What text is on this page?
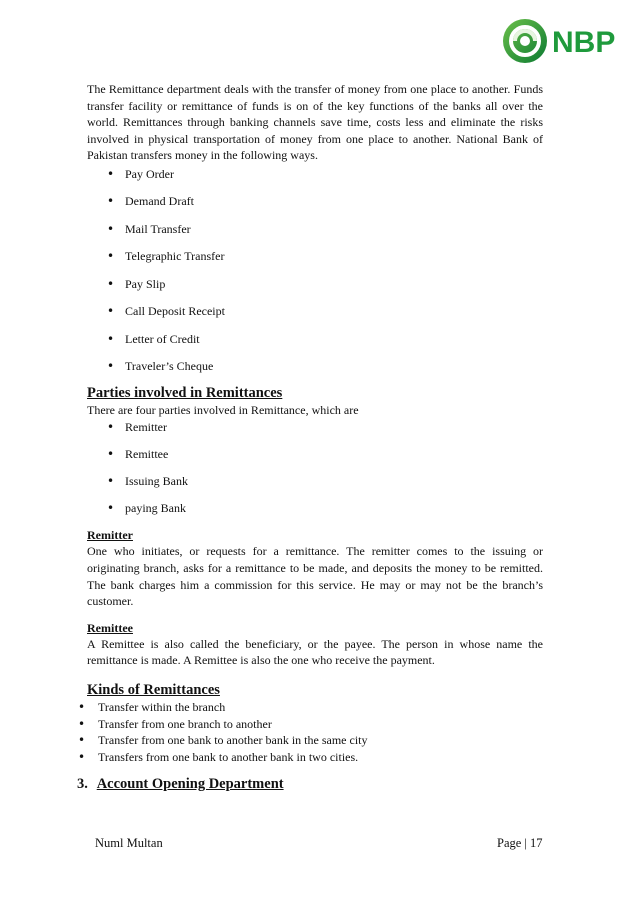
NBP

The Remittance department deals with the transfer of money from one place to another. Funds transfer facility or remittance of funds is on of the key functions of the banks all over the world. Remittances through banking channels save time, costs less and eliminate the risks involved in physical transportation of money from one place to another. National Bank of Pakistan transfers money in the following ways.

• Pay Order
• Demand Draft
• Mail Transfer
• Telegraphic Transfer
• Pay Slip
• Call Deposit Receipt
• Letter of Credit
• Traveler’s Cheque
Parties involved in Remittances

There are four parties involved in Remittance, which are

• Remitter
• Remittee
• Issuing Bank
• paying Bank
Remitter

One who initiates, or requests for a remittance. The remitter comes to the issuing or originating branch, asks for a remittance to be made, and deposits the money to be remitted. The bank charges him a commission for this service. He may or may not be the branch’s customer.

Remittee

A Remittee is also called the beneficiary, or the payee. The person in whose name the remittance is made. A Remittee is also the one who receive the payment.

Kinds of Remittances
• Transfer within the branch
• Transfer from one branch to another
• Transfer from one bank to another bank in the same city
• Transfers from one bank to another bank in two cities.
3. Account Opening Department
Numl Multan	Page | 17
